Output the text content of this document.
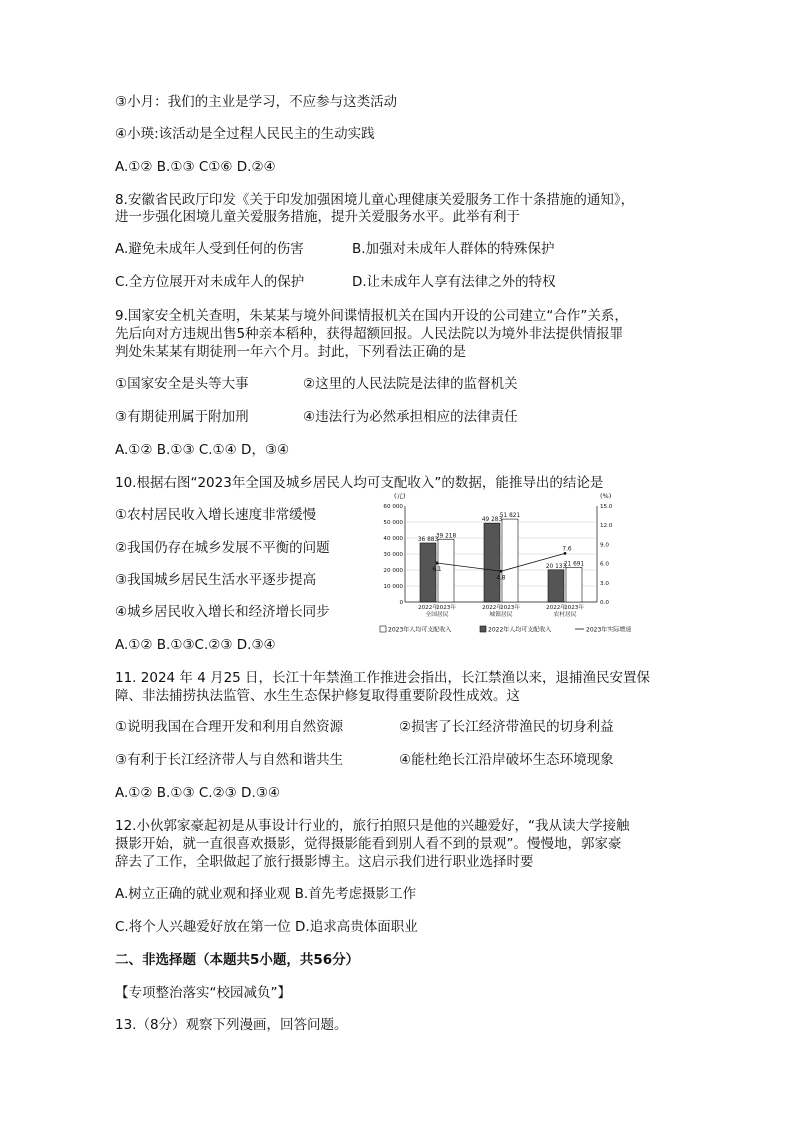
③小月：我们的主业是学习，不应参与这类活动
④小瑛:该活动是全过程人民民主的生动实践
A.①② B.①③ C①⑥ D.②④
8.安徽省民政厅印发《关于印发加强困境儿童心理健康关爱服务工作十条措施的通知》，
进一步强化困境儿童关爱服务措施，提升关爱服务水平。此举有利于
A.避免未成年人受到任何的伤害	B.加强对未成年人群体的特殊保护
C.全方位展开对未成年人的保护	D.让未成年人享有法律之外的特权
9.国家安全机关查明，朱某某与境外间谍情报机关在国内开设的公司建立“合作”关系，
先后向对方违规出售5种亲本稻种，获得超额回报。人民法院以为境外非法提供情报罪
判处朱某某有期徒刑一年六个月。封此，下列看法正确的是
①国家安全是头等大事	②这里的人民法院是法律的监督机关
③有期徒刑属于附加刑	④违法行为必然承担相应的法律责任
A.①② B.①③ C.①④ D，③④
10.根据右图“2023年全国及城乡居民人均可支配收入”的数据，能推导出的结论是
①农村居民收入增长速度非常缓慢
②我国仍存在城乡发展不平衡的问题
③我国城乡居民生活水平逐步提高
④城乡居民收入增长和经济增长同步
A.①② B.①③C.②③ D.③④
(元)	(%)
60 000
50 000
40 000
30 000
20 000
10 000
0
15.0
12.0
9.0
6.0
3.0
0.0
36 883
39 218
2022年
2023年
全国居民
49 283
51 821
2022年
2023年
城镇居民
20 133
21 691
2022年
2023年
农村居民
6.1
4.8
7.6
2023年人均可支配收入	2022年人均可支配收入	2023年实际增速
11. 2024 年 4 月25 日，长江十年禁渔工作推进会指出，长江禁渔以来，退捕渔民安置保
障、非法捕捞执法监管、水生生态保护修复取得重要阶段性成效。这
①说明我国在合理开发和利用自然资源	②损害了长江经济带渔民的切身利益
③有利于长江经济带人与自然和谐共生	④能杜绝长江沿岸破坏生态环境现象
A.①② B.①③ C.②③ D.③④
12.小伙郭家豪起初是从事设计行业的，旅行拍照只是他的兴趣爱好，“我从读大学接触
摄影开始，就一直很喜欢摄影，觉得摄影能看到别人看不到的景观”。慢慢地，郭家豪
辞去了工作，全职做起了旅行摄影博主。这启示我们进行职业选择时要
A.树立正确的就业观和择业观 B.首先考虑摄影工作
C.将个人兴趣爱好放在第一位 D.追求高贵体面职业
二、非选择题（本题共5小题，共56分）
【专项整治落实“校园减负”】
13.（8分）观察下列漫画，回答问题。
